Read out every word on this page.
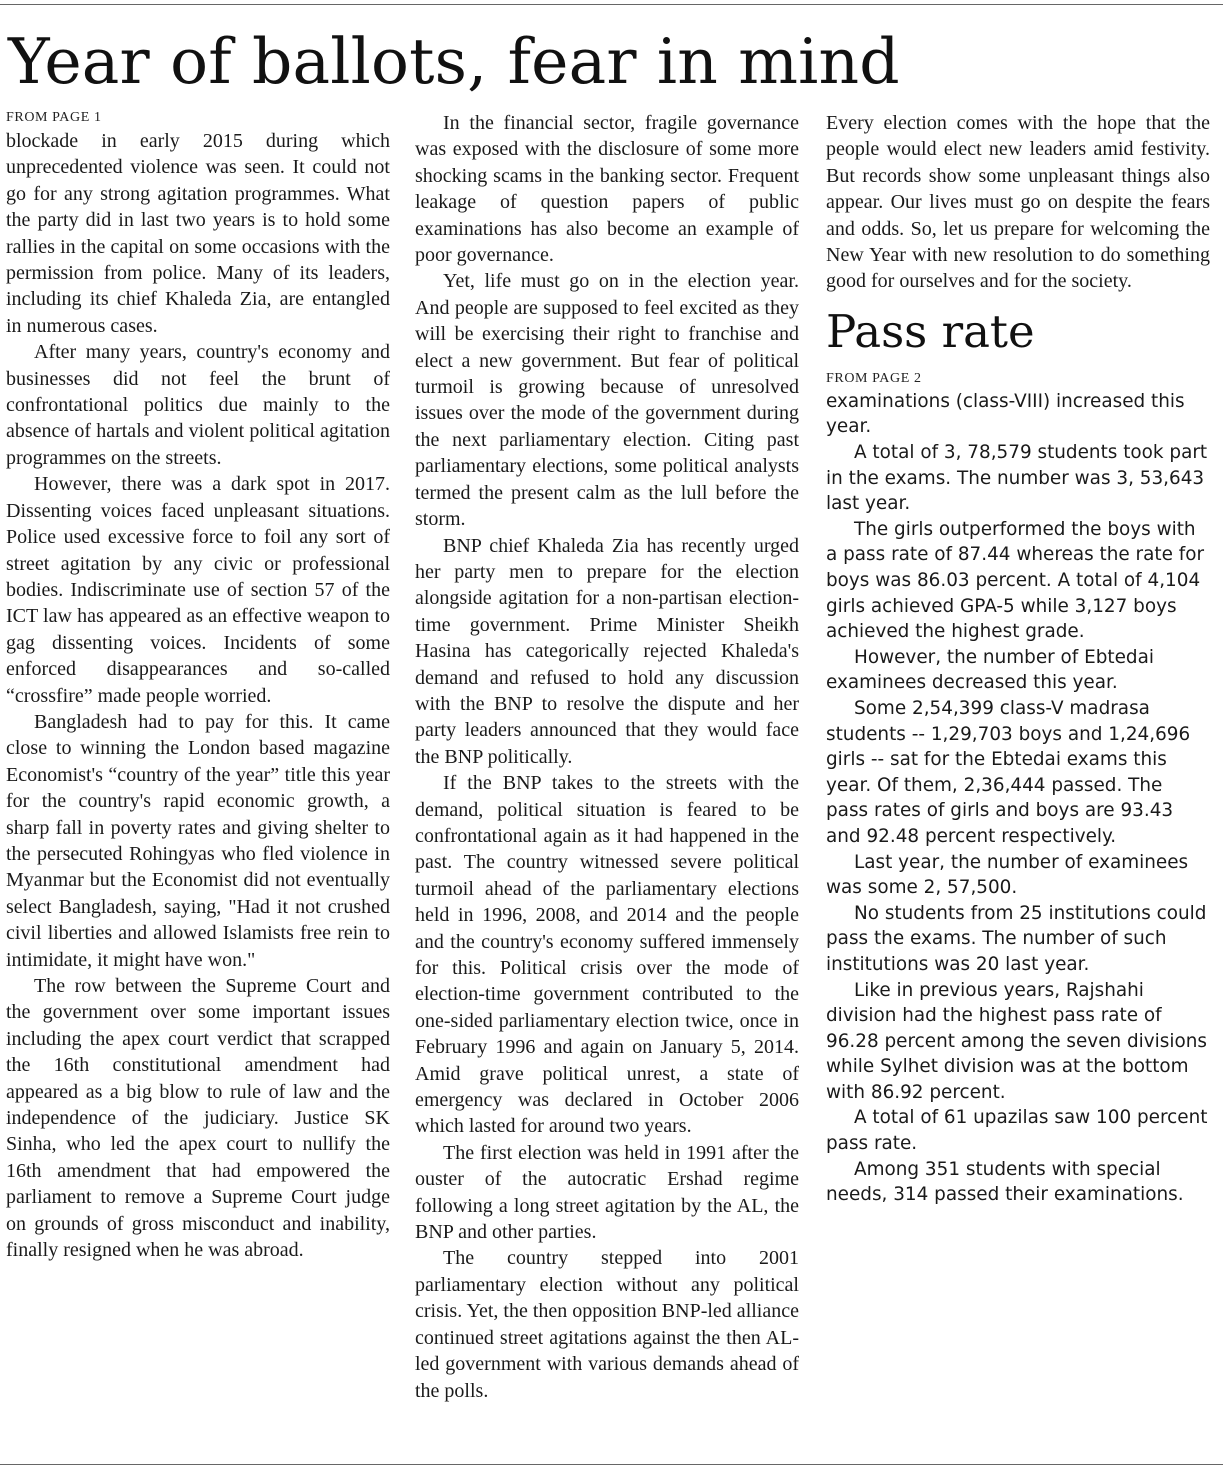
Year of ballots, fear in mind
FROM PAGE 1

blockade in early 2015 during which unprecedented violence was seen. It could not go for any strong agitation programmes. What the party did in last two years is to hold some rallies in the capital on some occasions with the permission from police. Many of its leaders, including its chief Khaleda Zia, are entangled in numerous cases.

After many years, country's economy and businesses did not feel the brunt of confrontational politics due mainly to the absence of hartals and violent political agitation programmes on the streets.

However, there was a dark spot in 2017. Dissenting voices faced unpleasant situations. Police used excessive force to foil any sort of street agitation by any civic or professional bodies. Indiscriminate use of section 57 of the ICT law has appeared as an effective weapon to gag dissenting voices. Incidents of some enforced disappearances and so-called “crossfire” made people worried.

Bangladesh had to pay for this. It came close to winning the London based magazine Economist's “country of the year” title this year for the country's rapid economic growth, a sharp fall in poverty rates and giving shelter to the persecuted Rohingyas who fled violence in Myanmar but the Economist did not eventually select Bangladesh, saying, "Had it not crushed civil liberties and allowed Islamists free rein to intimidate, it might have won."

The row between the Supreme Court and the government over some important issues including the apex court verdict that scrapped the 16th constitutional amendment had appeared as a big blow to rule of law and the independence of the judiciary. Justice SK Sinha, who led the apex court to nullify the 16th amendment that had empowered the parliament to remove a Supreme Court judge on grounds of gross misconduct and inability, finally resigned when he was abroad.

In the financial sector, fragile governance was exposed with the disclosure of some more shocking scams in the banking sector. Frequent leakage of question papers of public examinations has also become an example of poor governance.

Yet, life must go on in the election year. And people are supposed to feel excited as they will be exercising their right to franchise and elect a new government. But fear of political turmoil is growing because of unresolved issues over the mode of the government during the next parliamentary election. Citing past parliamentary elections, some political analysts termed the present calm as the lull before the storm.

BNP chief Khaleda Zia has recently urged her party men to prepare for the election alongside agitation for a non-partisan election-time government. Prime Minister Sheikh Hasina has categorically rejected Khaleda's demand and refused to hold any discussion with the BNP to resolve the dispute and her party leaders announced that they would face the BNP politically.

If the BNP takes to the streets with the demand, political situation is feared to be confrontational again as it had happened in the past. The country witnessed severe political turmoil ahead of the parliamentary elections held in 1996, 2008, and 2014 and the people and the country's economy suffered immensely for this. Political crisis over the mode of election-time government contributed to the one-sided parliamentary election twice, once in February 1996 and again on January 5, 2014. Amid grave political unrest, a state of emergency was declared in October 2006 which lasted for around two years.

The first election was held in 1991 after the ouster of the autocratic Ershad regime following a long street agitation by the AL, the BNP and other parties.

The country stepped into 2001 parliamentary election without any political crisis. Yet, the then opposition BNP-led alliance continued street agitations against the then AL-led government with various demands ahead of the polls.

Every election comes with the hope that the people would elect new leaders amid festivity. But records show some unpleasant things also appear. Our lives must go on despite the fears and odds. So, let us prepare for welcoming the New Year with new resolution to do something good for ourselves and for the society.

Pass rate
FROM PAGE 2

examinations (class-VIII) increased this year.

A total of 3, 78,579 students took part in the exams. The number was 3, 53,643 last year.

The girls outperformed the boys with a pass rate of 87.44 whereas the rate for boys was 86.03 percent. A total of 4,104 girls achieved GPA-5 while 3,127 boys achieved the highest grade.

However, the number of Ebtedai examinees decreased this year.

Some 2,54,399 class-V madrasa students -- 1,29,703 boys and 1,24,696 girls -- sat for the Ebtedai exams this year. Of them, 2,36,444 passed. The pass rates of girls and boys are 93.43 and 92.48 percent respectively.

Last year, the number of examinees was some 2, 57,500.

No students from 25 institutions could pass the exams. The number of such institutions was 20 last year.

Like in previous years, Rajshahi division had the highest pass rate of 96.28 percent among the seven divisions while Sylhet division was at the bottom with 86.92 percent.

A total of 61 upazilas saw 100 percent pass rate.

Among 351 students with special needs, 314 passed their examinations.
